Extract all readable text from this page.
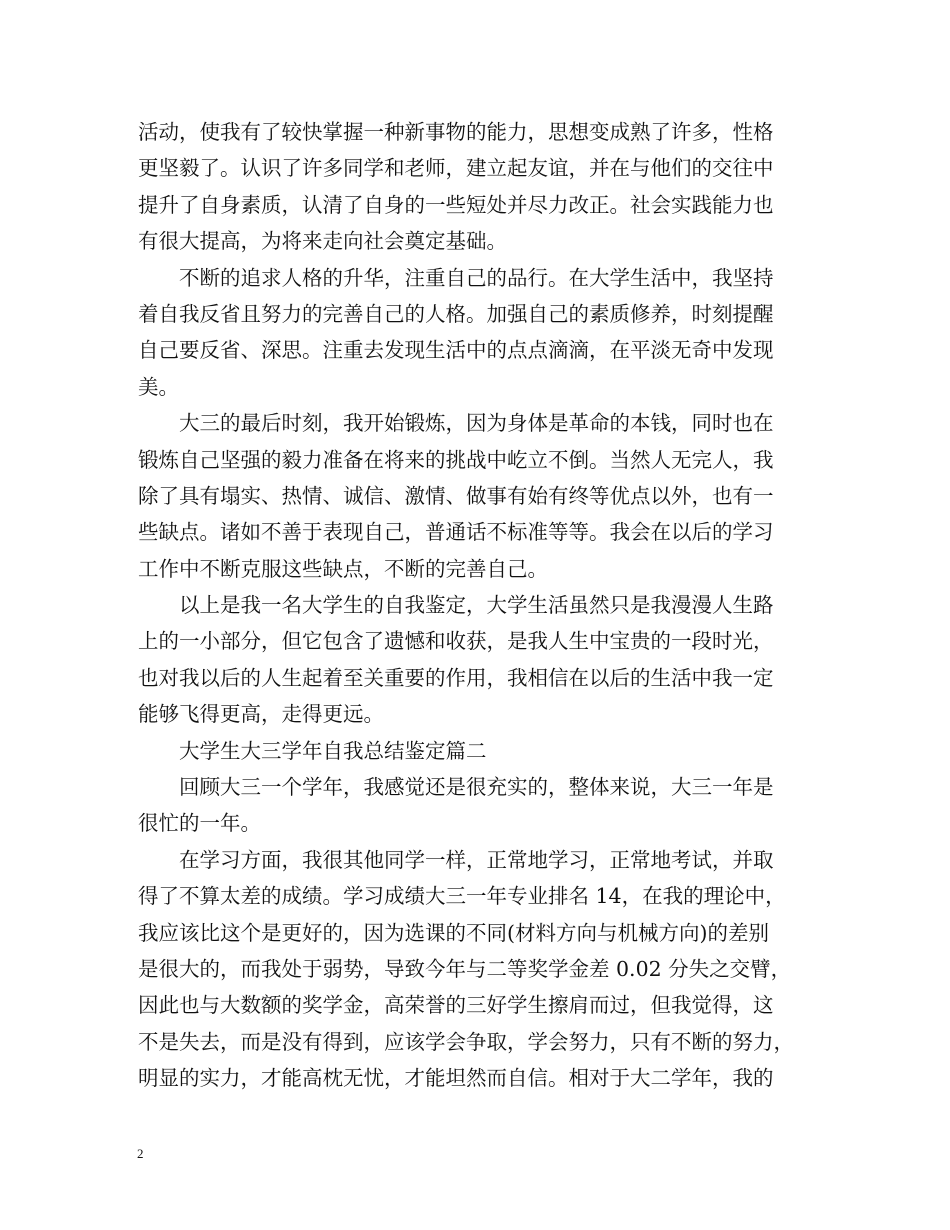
活动，使我有了较快掌握一种新事物的能力，思想变成熟了许多，性格

更坚毅了。认识了许多同学和老师，建立起友谊，并在与他们的交往中

提升了自身素质，认清了自身的一些短处并尽力改正。社会实践能力也

有很大提高，为将来走向社会奠定基础。

不断的追求人格的升华，注重自己的品行。在大学生活中，我坚持

着自我反省且努力的完善自己的人格。加强自己的素质修养，时刻提醒

自己要反省、深思。注重去发现生活中的点点滴滴，在平淡无奇中发现

美。

大三的最后时刻，我开始锻炼，因为身体是革命的本钱，同时也在

锻炼自己坚强的毅力准备在将来的挑战中屹立不倒。当然人无完人，我

除了具有塌实、热情、诚信、激情、做事有始有终等优点以外，也有一

些缺点。诸如不善于表现自己，普通话不标准等等。我会在以后的学习

工作中不断克服这些缺点，不断的完善自己。

以上是我一名大学生的自我鉴定，大学生活虽然只是我漫漫人生路

上的一小部分，但它包含了遗憾和收获，是我人生中宝贵的一段时光，

也对我以后的人生起着至关重要的作用，我相信在以后的生活中我一定

能够飞得更高，走得更远。

大学生大三学年自我总结鉴定篇二

回顾大三一个学年，我感觉还是很充实的，整体来说，大三一年是

很忙的一年。

在学习方面，我很其他同学一样，正常地学习，正常地考试，并取

得了不算太差的成绩。学习成绩大三一年专业排名 14，在我的理论中，

我应该比这个是更好的，因为选课的不同(材料方向与机械方向)的差别

是很大的，而我处于弱势，导致今年与二等奖学金差 0.02 分失之交臂，

因此也与大数额的奖学金，高荣誉的三好学生擦肩而过，但我觉得，这

不是失去，而是没有得到，应该学会争取，学会努力，只有不断的努力，

明显的实力，才能高枕无忧，才能坦然而自信。相对于大二学年，我的

2
